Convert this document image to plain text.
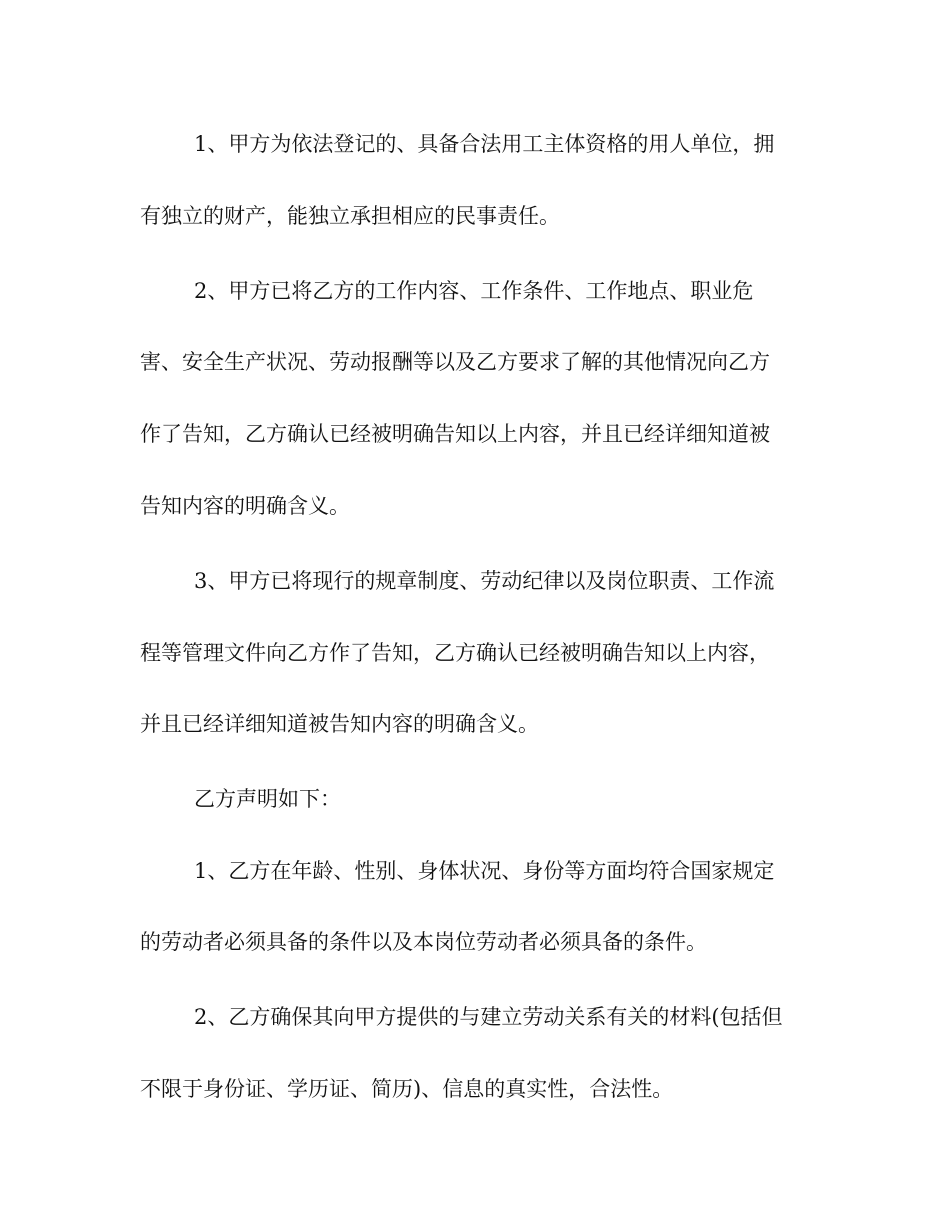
1、甲方为依法登记的、具备合法用工主体资格的用人单位，拥
有独立的财产，能独立承担相应的民事责任。
2、甲方已将乙方的工作内容、工作条件、工作地点、职业危
害、安全生产状况、劳动报酬等以及乙方要求了解的其他情况向乙方
作了告知，乙方确认已经被明确告知以上内容，并且已经详细知道被
告知内容的明确含义。
3、甲方已将现行的规章制度、劳动纪律以及岗位职责、工作流
程等管理文件向乙方作了告知，乙方确认已经被明确告知以上内容，
并且已经详细知道被告知内容的明确含义。
乙方声明如下：
1、乙方在年龄、性别、身体状况、身份等方面均符合国家规定
的劳动者必须具备的条件以及本岗位劳动者必须具备的条件。
2、乙方确保其向甲方提供的与建立劳动关系有关的材料(包括但
不限于身份证、学历证、简历)、信息的真实性，合法性。
